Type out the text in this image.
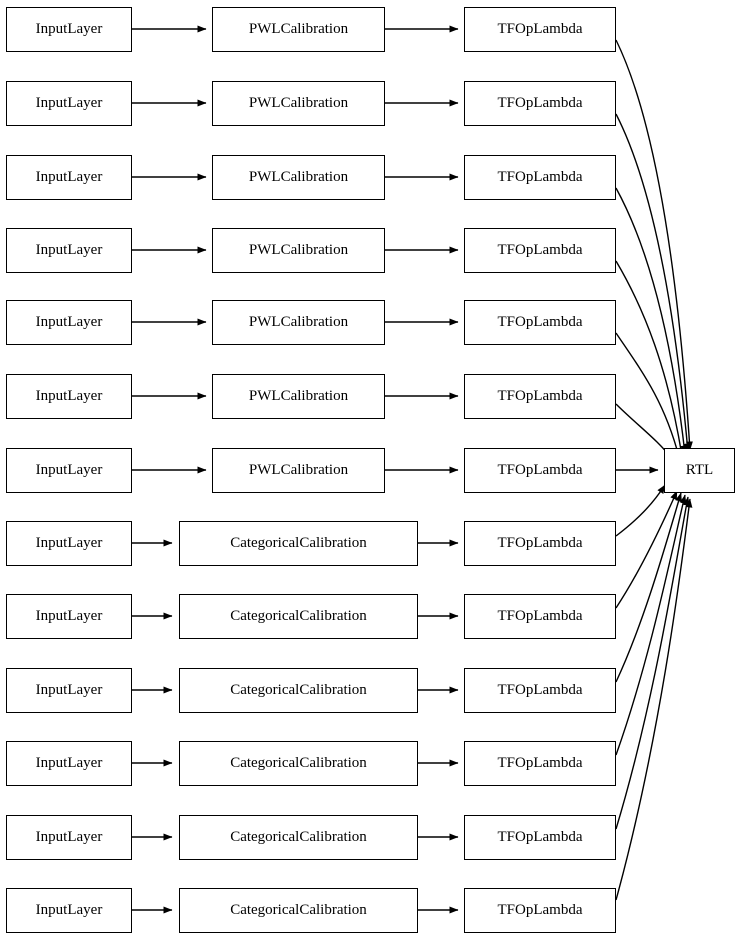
InputLayer	PWLCalibration	TFOpLambda
InputLayer	PWLCalibration	TFOpLambda
InputLayer	PWLCalibration	TFOpLambda
InputLayer	PWLCalibration	TFOpLambda
InputLayer	PWLCalibration	TFOpLambda
InputLayer	PWLCalibration	TFOpLambda
InputLayer	PWLCalibration	TFOpLambda
InputLayer	CategoricalCalibration	TFOpLambda
InputLayer	CategoricalCalibration	TFOpLambda
InputLayer	CategoricalCalibration	TFOpLambda
InputLayer	CategoricalCalibration	TFOpLambda
InputLayer	CategoricalCalibration	TFOpLambda
InputLayer	CategoricalCalibration	TFOpLambda
RTL
